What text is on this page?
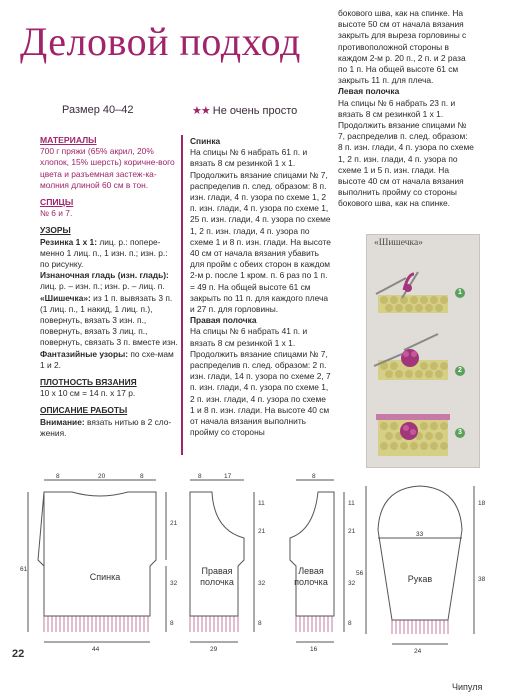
Деловой подход
Размер 40–42	★★ Не очень просто

МАТЕРИАЛЫ

700 г пряжи (65% акрил, 20% хлопок, 15% шерсть) коричне-вого цвета и разъемная застеж-ка-молния длиной 60 см в тон.

СПИЦЫ

№ 6 и 7.

УЗОРЫ

Резинка 1 x 1: лиц. р.: попере-менно 1 лиц. п., 1 изн. п.; изн. р.: по рисунку.

Изнаночная гладь (изн. гладь): лиц. р. – изн. п.; изн. р. – лиц. п.

«Шишечка»: из 1 п. вывязать 3 п. (1 лиц. п., 1 накид, 1 лиц. п.), повернуть, вязать 3 изн. п., повернуть, вязать 3 лиц. п., повернуть, связать 3 п. вместе изн.

Фантазийные узоры: по схе-мам 1 и 2.

ПЛОТНОСТЬ ВЯЗАНИЯ

10 x 10 см = 14 п. x 17 р.

ОПИСАНИЕ РАБОТЫ

Внимание: вязать нитью в 2 сло-жения.

Спинка

На спицы № 6 набрать 61 п. и вязать 8 см резинкой 1 x 1. Продолжить вязание спицами № 7, распределив п. след. образом: 8 п. изн. глади, 4 п. узора по схеме 1, 2 п. изн. глади, 4 п. узора по схеме 1, 25 п. изн. глади, 4 п. узора по схеме 1, 2 п. изн. глади, 4 п. узора по схеме 1 и 8 п. изн. глади. На высоте 40 см от начала вязания убавить для пройм с обеих сторон в каждом 2-м р. после 1 кром. п. 6 раз по 1 п. = 49 п. На общей высоте 61 см закрыть по 11 п. для каждого плеча и 27 п. для горловины.

Правая полочка

На спицы № 6 набрать 41 п. и вязать 8 см резинкой 1 x 1. Продолжить вязание спицами № 7, распределив п. след. образом: 2 п. изн. глади, 14 п. узора по схеме 2, 7 п. изн. глади, 4 п. узора по схеме 1, 2 п. изн. глади, 4 п. узора по схеме 1 и 8 п. изн. глади. На высоте 40 см от начала вязания выполнить пройму со стороны

бокового шва, как на спинке. На высоте 50 см от начала вязания закрыть для выреза горловины с противоположной стороны в каждом 2-м р. 20 п., 2 п. и 2 раза по 1 п. На общей высоте 61 см закрыть 11 п. для плеча.

Левая полочка

На спицы № 6 набрать 23 п. и вязать 8 см резинкой 1 x 1. Продолжить вязание спицами № 7, распределив п. след. образом: 8 п. изн. глади, 4 п. узора по схеме 1, 2 п. изн. глади, 4 п. узора по схеме 1 и 5 п. изн. глади. На высоте 40 см от начала вязания выполнить пройму со стороны бокового шва, как на спинке.

«Шишечка»
1
2
3
Спинка
Правая
полочка
Левая
полочка	Рукав
8	20	8
61
21
32
8
44
8	17
11
21
32
8
29
8
11
21
32
8
16
33
56
18
38
24
22
Чипуля
